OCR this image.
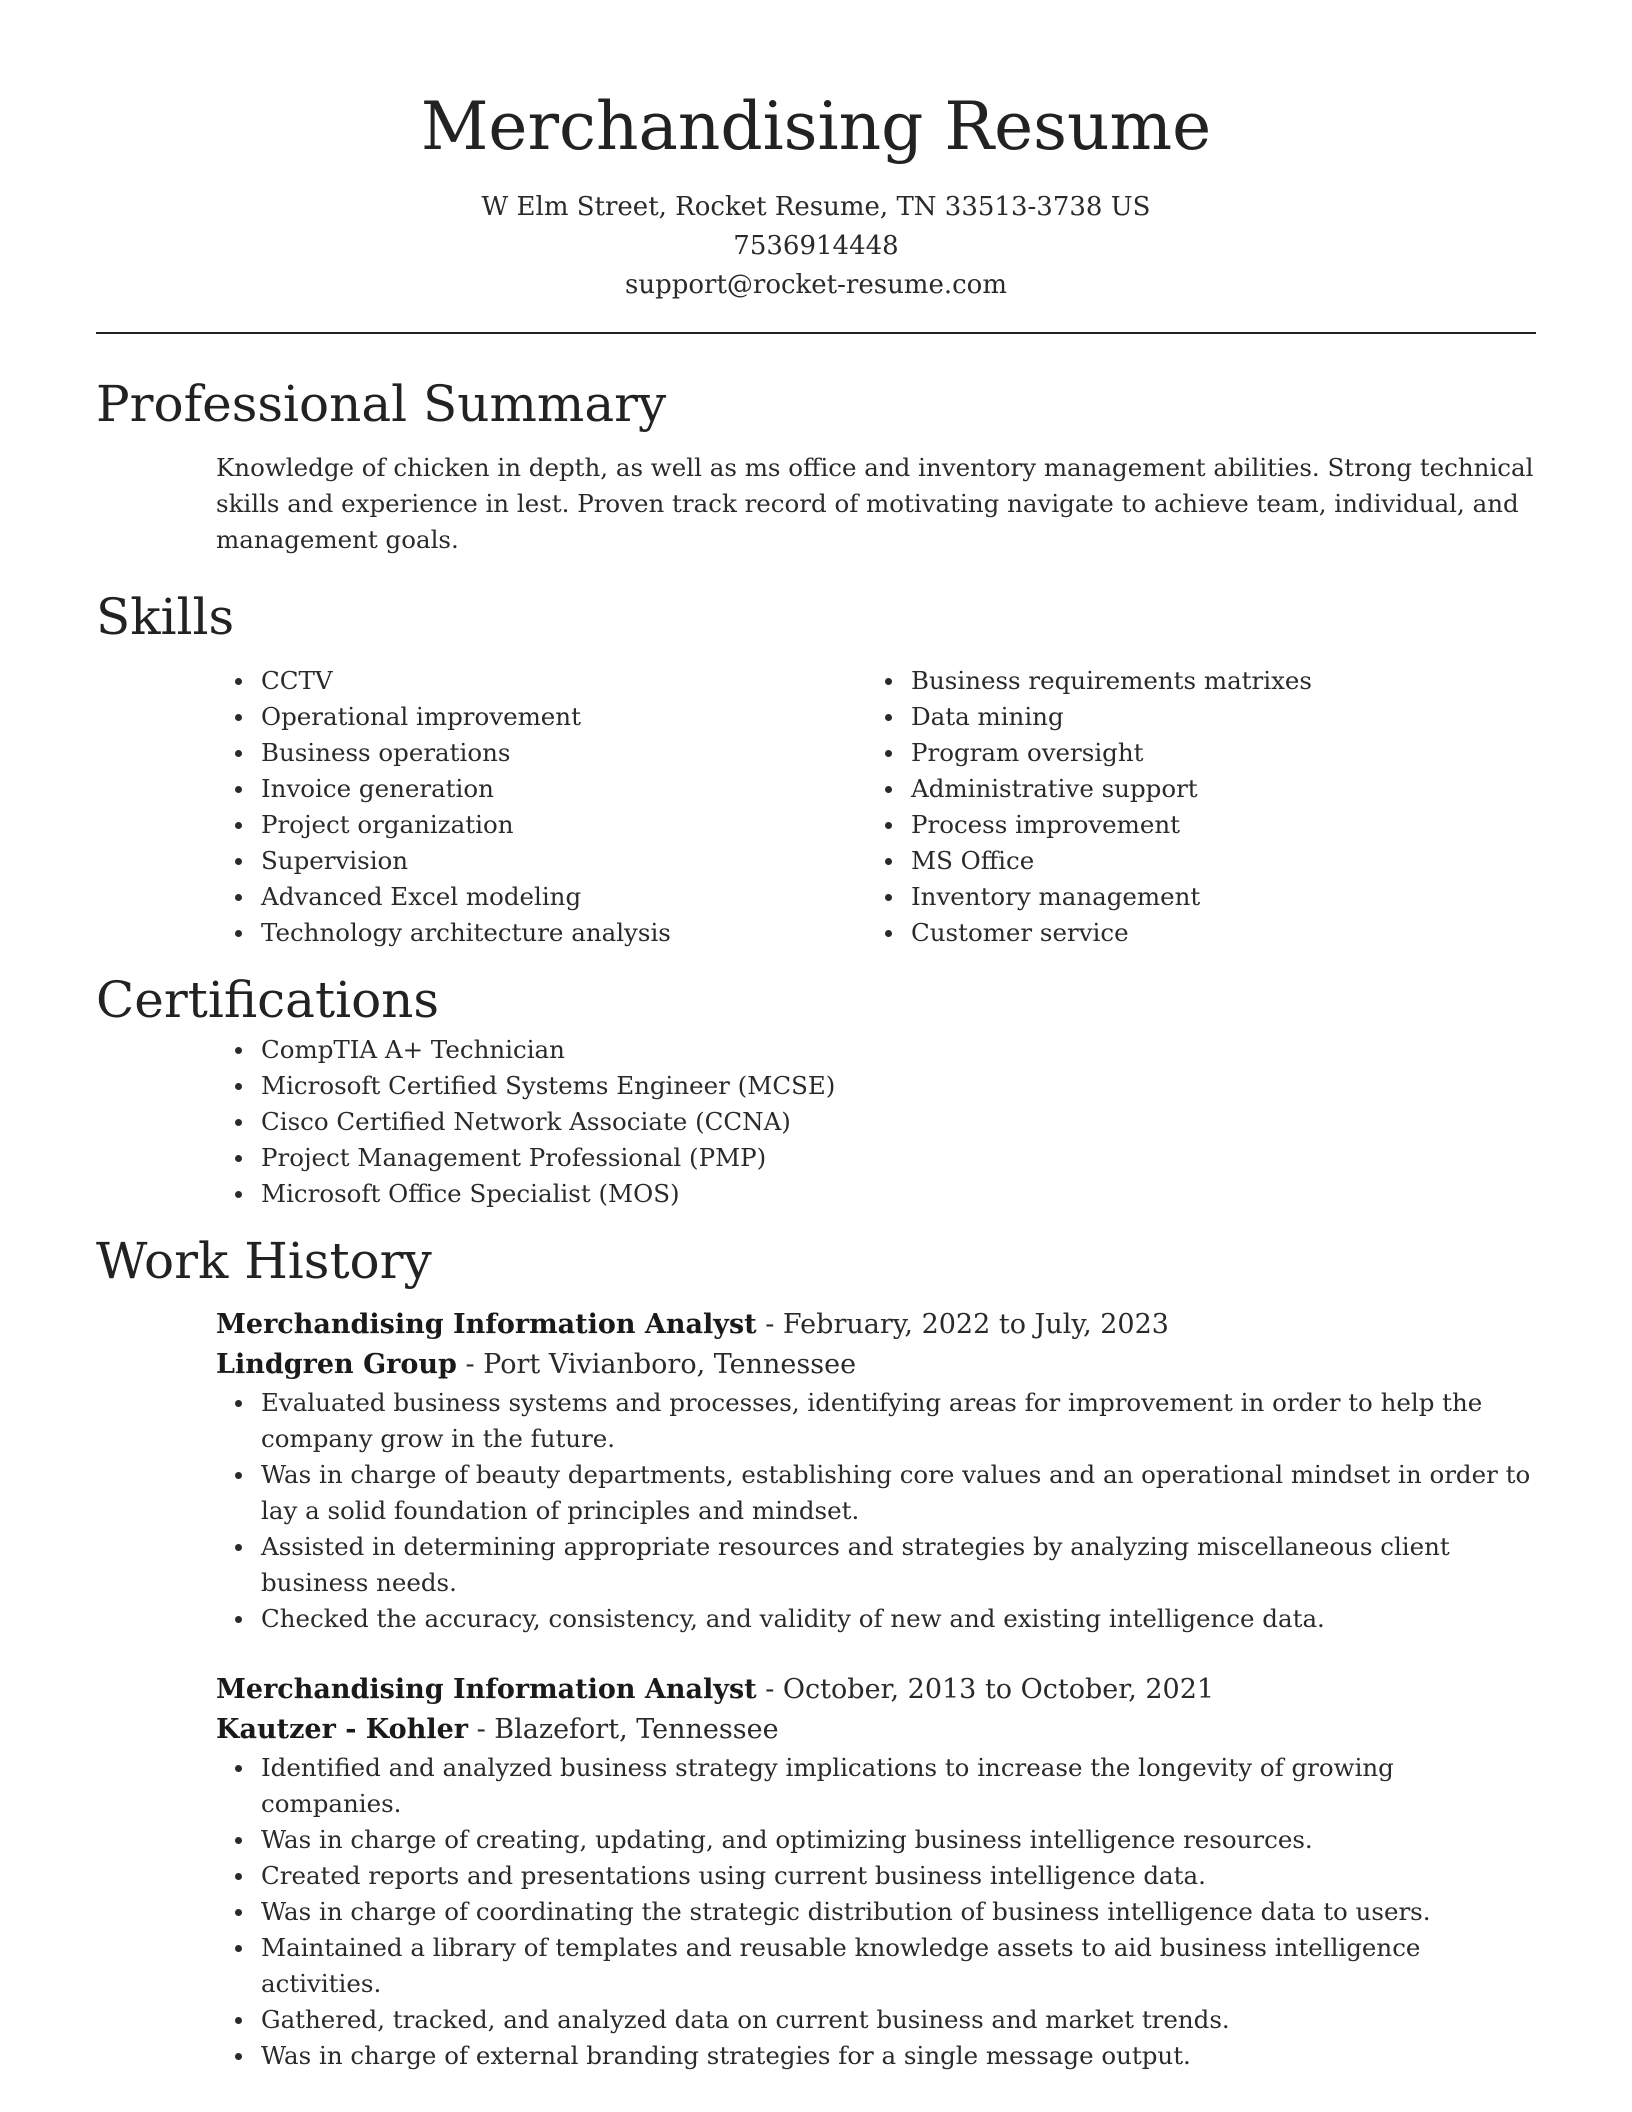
Merchandising Resume
W Elm Street, Rocket Resume, TN 33513-3738 US
7536914448
support@rocket-resume.com
Professional Summary

Knowledge of chicken in depth, as well as ms office and inventory management abilities. Strong technical skills and experience in lest. Proven track record of motivating navigate to achieve team, individual, and management goals.

Skills
CCTV
Operational improvement
Business operations
Invoice generation
Project organization
Supervision
Advanced Excel modeling
Technology architecture analysis
Business requirements matrixes
Data mining
Program oversight
Administrative support
Process improvement
MS Office
Inventory management
Customer service
Certifications
CompTIA A+ Technician
Microsoft Certified Systems Engineer (MCSE)
Cisco Certified Network Associate (CCNA)
Project Management Professional (PMP)
Microsoft Office Specialist (MOS)
Work History
Merchandising Information Analyst - February, 2022 to July, 2023
Lindgren Group - Port Vivianboro, Tennessee
Evaluated business systems and processes, identifying areas for improvement in order to help the company grow in the future.
Was in charge of beauty departments, establishing core values and an operational mindset in order to lay a solid foundation of principles and mindset.
Assisted in determining appropriate resources and strategies by analyzing miscellaneous client business needs.
Checked the accuracy, consistency, and validity of new and existing intelligence data.
Merchandising Information Analyst - October, 2013 to October, 2021
Kautzer - Kohler - Blazefort, Tennessee
Identified and analyzed business strategy implications to increase the longevity of growing companies.
Was in charge of creating, updating, and optimizing business intelligence resources.
Created reports and presentations using current business intelligence data.
Was in charge of coordinating the strategic distribution of business intelligence data to users.
Maintained a library of templates and reusable knowledge assets to aid business intelligence activities.
Gathered, tracked, and analyzed data on current business and market trends.
Was in charge of external branding strategies for a single message output.
